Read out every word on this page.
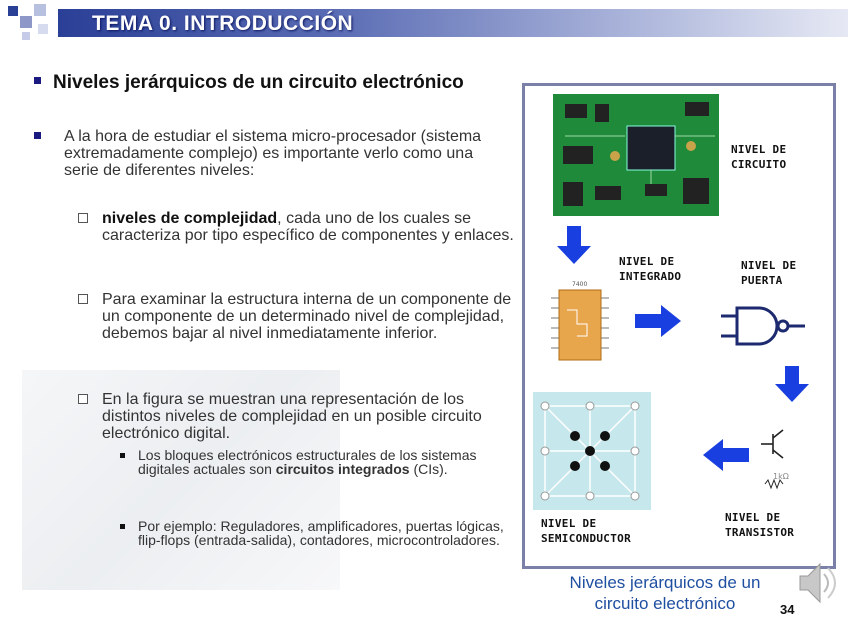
TEMA 0. INTRODUCCIÓN
Niveles jerárquicos de un circuito electrónico
A la hora de estudiar el sistema micro-procesador (sistema extremadamente complejo) es importante verlo como una serie de diferentes niveles:
niveles de complejidad, cada uno de los cuales se caracteriza por tipo específico de componentes y enlaces.
Para examinar la estructura interna de un componente de un componente de un determinado nivel de complejidad, debemos bajar al nivel inmediatamente inferior.
En la figura se muestran una representación de los distintos niveles de complejidad en un posible circuito electrónico digital.
Los bloques electrónicos estructurales de los sistemas digitales actuales son circuitos integrados (CIs).
Por ejemplo: Reguladores, amplificadores, puertas lógicas, flip-flops (entrada-salida), contadores, microcontroladores.
7400
1kΩ
NIVEL DE
CIRCUITO
NIVEL DE
INTEGRADO
NIVEL DE
PUERTA
NIVEL DE
TRANSISTOR
NIVEL DE
SEMICONDUCTOR
Niveles jerárquicos de un
circuito electrónico	34
